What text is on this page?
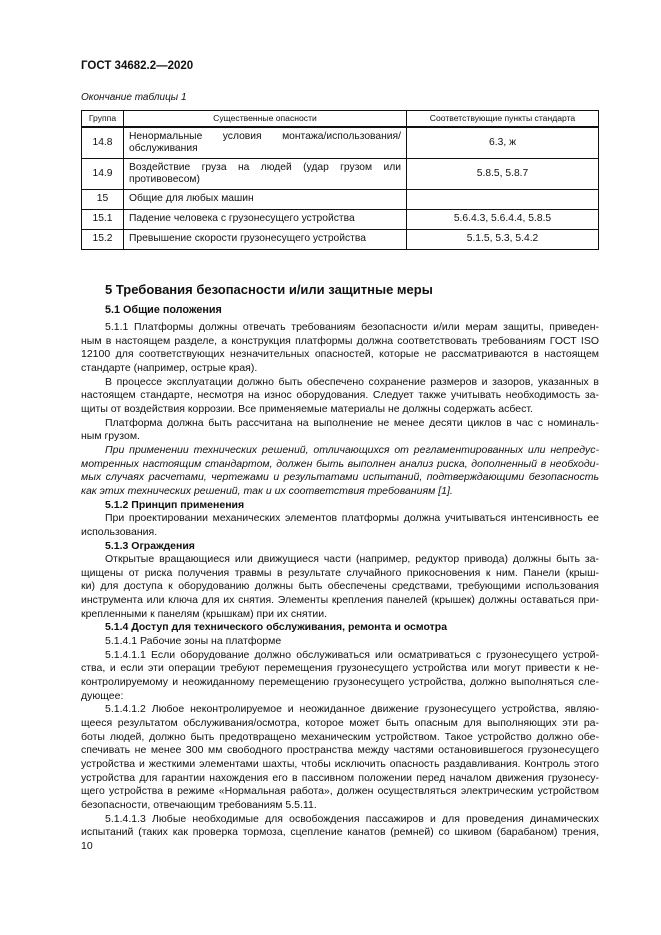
ГОСТ 34682.2—2020
Окончание таблицы 1
Группа	Существенные опасности	Соответствующие пункты стандарта
14.8	Ненормальные условия монтажа/использования/обслуживания	6.3, ж
14.9	Воздействие груза на людей (удар грузом или противовесом)	5.8.5, 5.8.7
15	Общие для любых машин	
15.1	Падение человека с грузонесущего устройства	5.6.4.3, 5.6.4.4, 5.8.5
15.2	Превышение скорости грузонесущего устройства	5.1.5, 5.3, 5.4.2
5 Требования безопасности и/или защитные меры
5.1 Общие положения
5.1.1 Платформы должны отвечать требованиям безопасности и/или мерам защиты, приведен-
ным в настоящем разделе, а конструкция платформы должна соответствовать требованиям ГОСТ ISO
12100 для соответствующих незначительных опасностей, которые не рассматриваются в настоящем
стандарте (например, острые края).
В процессе эксплуатации должно быть обеспечено сохранение размеров и зазоров, указанных в
настоящем стандарте, несмотря на износ оборудования. Следует также учитывать необходимость за-
щиты от воздействия коррозии. Все применяемые материалы не должны содержать асбест.
Платформа должна быть рассчитана на выполнение не менее десяти циклов в час с номиналь-
ным грузом.
При применении технических решений, отличающихся от регламентированных или непредус-
мотренных настоящим стандартом, должен быть выполнен анализ риска, дополненный в необходи-
мых случаях расчетами, чертежами и результатами испытаний, подтверждающими безопасность
как этих технических решений, так и их соответствия требованиям [1].
5.1.2 Принцип применения
При проектировании механических элементов платформы должна учитываться интенсивность ее
использования.
5.1.3 Ограждения
Открытые вращающиеся или движущиеся части (например, редуктор привода) должны быть за-
щищены от риска получения травмы в результате случайного прикосновения к ним. Панели (крыш-
ки) для доступа к оборудованию должны быть обеспечены средствами, требующими использования
инструмента или ключа для их снятия. Элементы крепления панелей (крышек) должны оставаться при-
крепленными к панелям (крышкам) при их снятии.
5.1.4 Доступ для технического обслуживания, ремонта и осмотра
5.1.4.1 Рабочие зоны на платформе
5.1.4.1.1 Если оборудование должно обслуживаться или осматриваться с грузонесущего устрой-
ства, и если эти операции требуют перемещения грузонесущего устройства или могут привести к не-
контролируемому и неожиданному перемещению грузонесущего устройства, должно выполняться сле-
дующее:
5.1.4.1.2 Любое неконтролируемое и неожиданное движение грузонесущего устройства, являю-
щееся результатом обслуживания/осмотра, которое может быть опасным для выполняющих эти ра-
боты людей, должно быть предотвращено механическим устройством. Такое устройство должно обе-
спечивать не менее 300 мм свободного пространства между частями остановившегося грузонесущего
устройства и жесткими элементами шахты, чтобы исключить опасность раздавливания. Контроль этого
устройства для гарантии нахождения его в пассивном положении перед началом движения грузонесу-
щего устройства в режиме «Нормальная работа», должен осуществляться электрическим устройством
безопасности, отвечающим требованиям 5.5.11.
5.1.4.1.3 Любые необходимые для освобождения пассажиров и для проведения динамических
испытаний (таких как проверка тормоза, сцепление канатов (ремней) со шкивом (барабаном) трения,
10
